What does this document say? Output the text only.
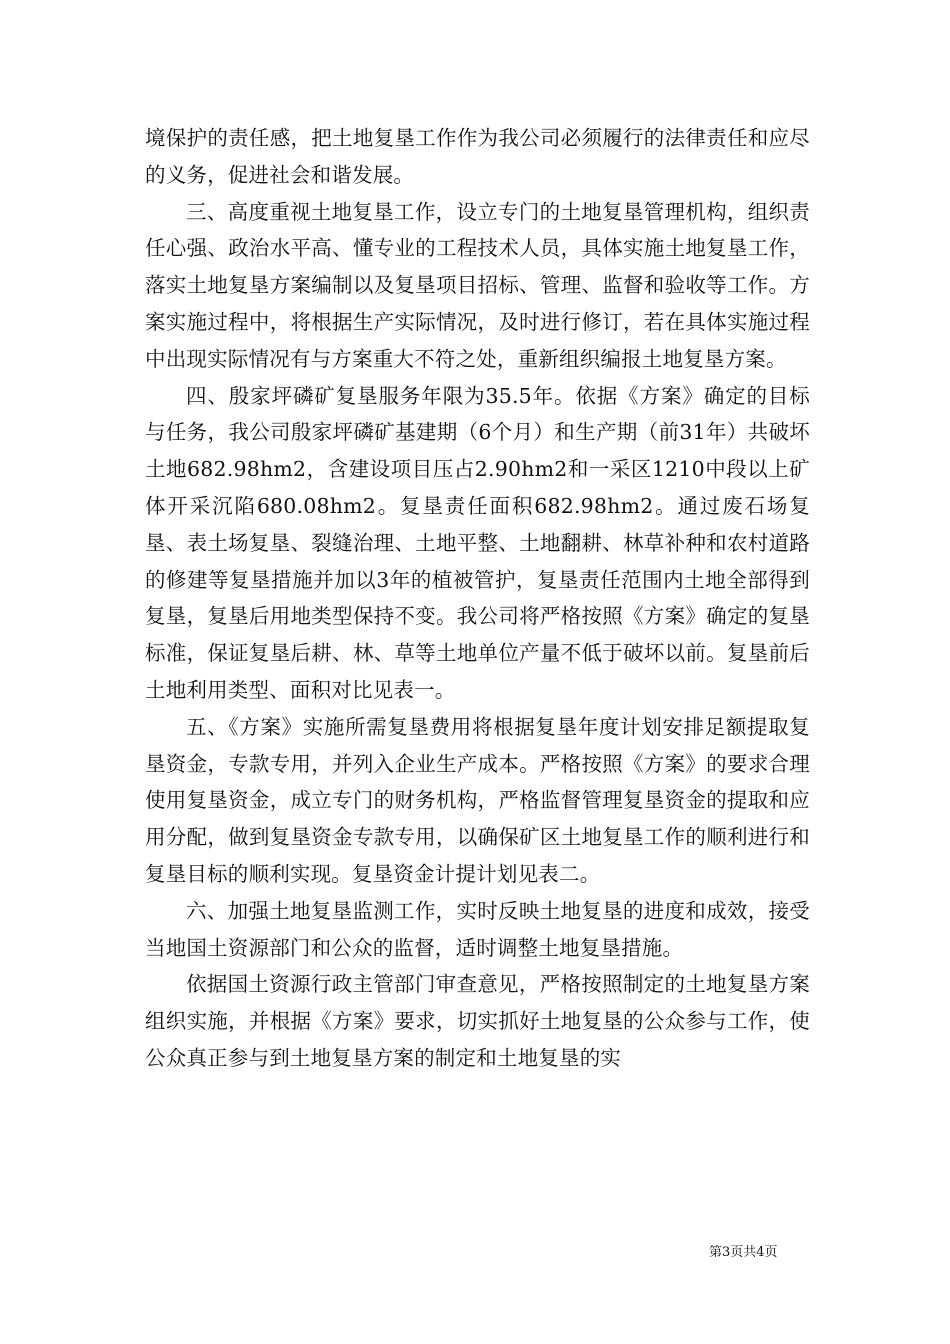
境保护的责任感，把土地复垦工作作为我公司必须履行的法律责任和应尽的义务，促进社会和谐发展。

三、高度重视土地复垦工作，设立专门的土地复垦管理机构，组织责任心强、政治水平高、懂专业的工程技术人员，具体实施土地复垦工作，落实土地复垦方案编制以及复垦项目招标、管理、监督和验收等工作。方案实施过程中，将根据生产实际情况，及时进行修订，若在具体实施过程中出现实际情况有与方案重大不符之处，重新组织编报土地复垦方案。

四、殷家坪磷矿复垦服务年限为35.5年。依据《方案》确定的目标与任务，我公司殷家坪磷矿基建期（6个月）和生产期（前31年）共破坏土地682.98hm2，含建设项目压占2.90hm2和一采区1210中段以上矿体开采沉陷680.08hm2。复垦责任面积682.98hm2。通过废石场复垦、表土场复垦、裂缝治理、土地平整、土地翻耕、林草补种和农村道路的修建等复垦措施并加以3年的植被管护，复垦责任范围内土地全部得到复垦，复垦后用地类型保持不变。我公司将严格按照《方案》确定的复垦标准，保证复垦后耕、林、草等土地单位产量不低于破坏以前。复垦前后土地利用类型、面积对比见表一。

五、《方案》实施所需复垦费用将根据复垦年度计划安排足额提取复垦资金，专款专用，并列入企业生产成本。严格按照《方案》的要求合理使用复垦资金，成立专门的财务机构，严格监督管理复垦资金的提取和应用分配，做到复垦资金专款专用，以确保矿区土地复垦工作的顺利进行和复垦目标的顺利实现。复垦资金计提计划见表二。

六、加强土地复垦监测工作，实时反映土地复垦的进度和成效，接受当地国土资源部门和公众的监督，适时调整土地复垦措施。

依据国土资源行政主管部门审查意见，严格按照制定的土地复垦方案组织实施，并根据《方案》要求，切实抓好土地复垦的公众参与工作，使公众真正参与到土地复垦方案的制定和土地复垦的实

第3页共4页
